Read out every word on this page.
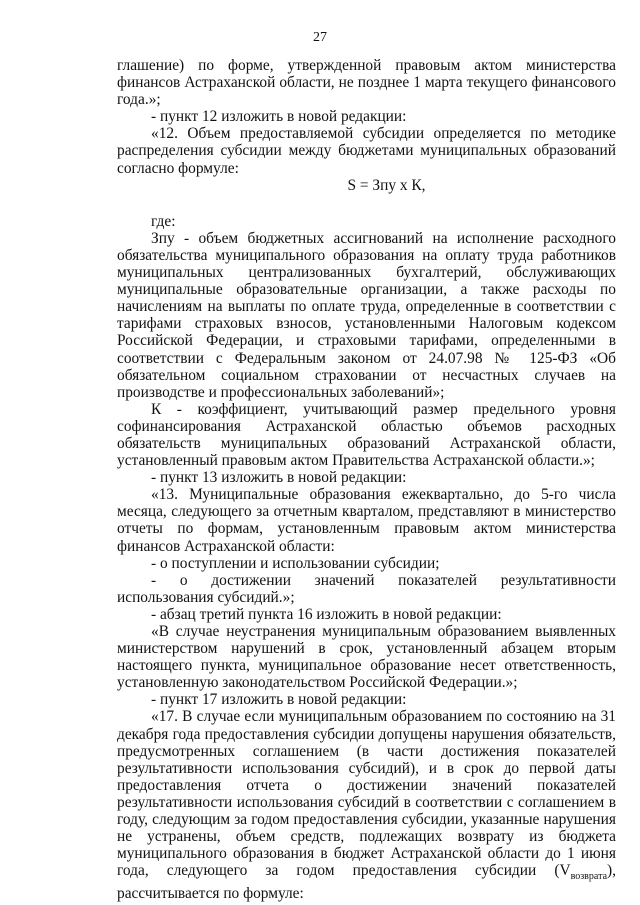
27

глашение) по форме, утвержденной правовым актом министерства финансов Астраханской области, не позднее 1 марта текущего финансового года.»;

- пункт 12 изложить в новой редакции:

«12. Объем предоставляемой субсидии определяется по методике распределения субсидии между бюджетами муниципальных образований согласно формуле:

S = Зпу х К,

где:

Зпу - объем бюджетных ассигнований на исполнение расходного обязательства муниципального образования на оплату труда работников муниципальных централизованных бухгалтерий, обслуживающих муниципальные образовательные организации, а также расходы по начислениям на выплаты по оплате труда, определенные в соответствии с тарифами страховых взносов, установленными Налоговым кодексом Российской Федерации, и страховыми тарифами, определенными в соответствии с Федеральным законом от 24.07.98 № 125-ФЗ «Об обязательном социальном страховании от несчастных случаев на производстве и профессиональных заболеваний»;

К - коэффициент, учитывающий размер предельного уровня софинансирования Астраханской областью объемов расходных обязательств муниципальных образований Астраханской области, установленный правовым актом Правительства Астраханской области.»;

- пункт 13 изложить в новой редакции:

«13. Муниципальные образования ежеквартально, до 5-го числа месяца, следующего за отчетным кварталом, представляют в министерство отчеты по формам, установленным правовым актом министерства финансов Астраханской области:

- о поступлении и использовании субсидии;

- о достижении значений показателей результативности использования субсидий.»;

- абзац третий пункта 16 изложить в новой редакции:

«В случае неустранения муниципальным образованием выявленных министерством нарушений в срок, установленный абзацем вторым настоящего пункта, муниципальное образование несет ответственность, установленную законодательством Российской Федерации.»;

- пункт 17 изложить в новой редакции:

«17. В случае если муниципальным образованием по состоянию на 31 декабря года предоставления субсидии допущены нарушения обязательств, предусмотренных соглашением (в части достижения показателей результативности использования субсидий), и в срок до первой даты предоставления отчета о достижении значений показателей результативности использования субсидий в соответствии с соглашением в году, следующим за годом предоставления субсидии, указанные нарушения не устранены, объем средств, подлежащих возврату из бюджета муниципального образования в бюджет Астраханской области до 1 июня года, следующего за годом предоставления субсидии $(V_{возврата})$, рассчитывается по формуле:
